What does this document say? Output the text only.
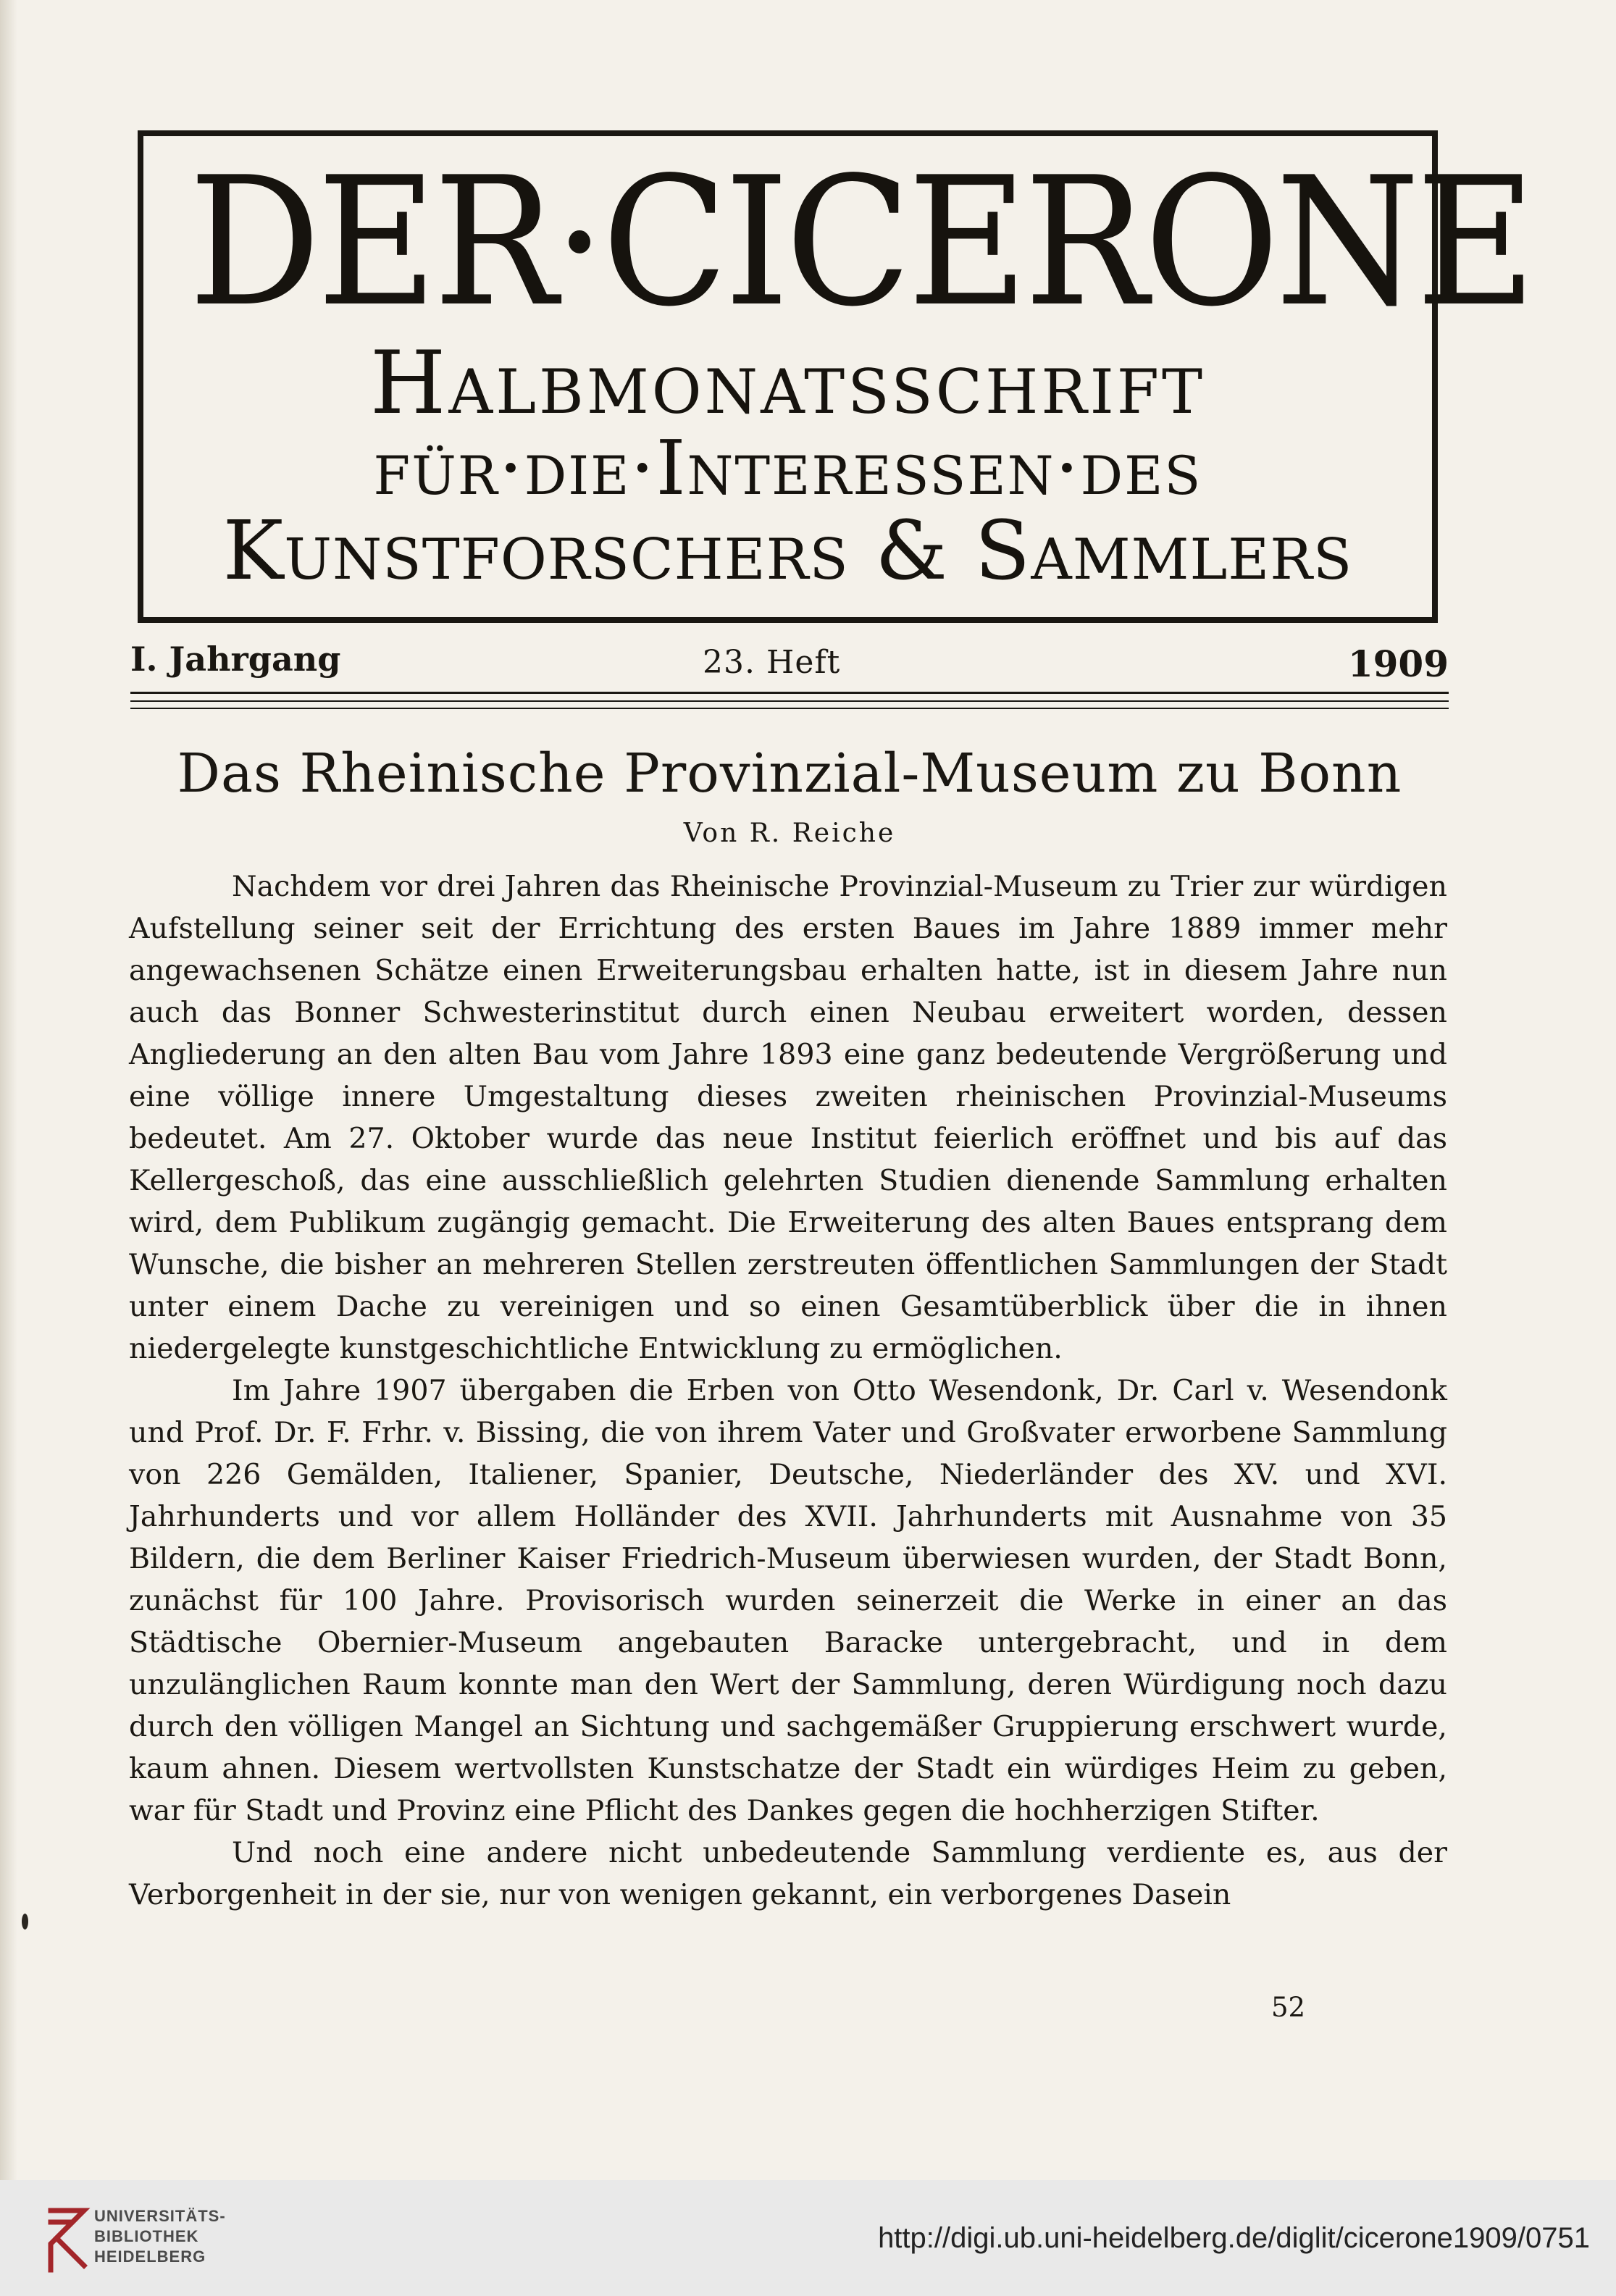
DER·CICERONE
Halbmonatsschrift
für·die·Interessen·des
Kunstforschers & Sammlers
I. Jahrgang	23. Heft	1909
Das Rheinische Provinzial-Museum zu Bonn
Von R. Reiche

Nachdem vor drei Jahren das Rheinische Provinzial-Museum zu Trier zur würdigen Aufstellung seiner seit der Errichtung des ersten Baues im Jahre 1889 immer mehr angewachsenen Schätze einen Erweiterungsbau erhalten hatte, ist in diesem Jahre nun auch das Bonner Schwesterinstitut durch einen Neubau erweitert worden, dessen Angliederung an den alten Bau vom Jahre 1893 eine ganz bedeutende Vergrößerung und eine völlige innere Umgestaltung dieses zweiten rheinischen Provinzial-Museums bedeutet. Am 27. Oktober wurde das neue Institut feierlich eröffnet und bis auf das Kellergeschoß, das eine ausschließlich gelehrten Studien dienende Sammlung erhalten wird, dem Publikum zugängig gemacht. Die Erweiterung des alten Baues entsprang dem Wunsche, die bisher an mehreren Stellen zerstreuten öffentlichen Sammlungen der Stadt unter einem Dache zu vereinigen und so einen Gesamtüberblick über die in ihnen niedergelegte kunstgeschichtliche Entwicklung zu ermöglichen.

Im Jahre 1907 übergaben die Erben von Otto Wesendonk, Dr. Carl v. Wesendonk und Prof. Dr. F. Frhr. v. Bissing, die von ihrem Vater und Großvater erworbene Sammlung von 226 Gemälden, Italiener, Spanier, Deutsche, Niederländer des XV. und XVI. Jahrhunderts und vor allem Holländer des XVII. Jahrhunderts mit Ausnahme von 35 Bildern, die dem Berliner Kaiser Friedrich-Museum überwiesen wurden, der Stadt Bonn, zunächst für 100 Jahre. Provisorisch wurden seinerzeit die Werke in einer an das Städtische Obernier-Museum angebauten Baracke untergebracht, und in dem unzulänglichen Raum konnte man den Wert der Sammlung, deren Würdigung noch dazu durch den völligen Mangel an Sichtung und sachgemäßer Gruppierung erschwert wurde, kaum ahnen. Diesem wertvollsten Kunstschatze der Stadt ein würdiges Heim zu geben, war für Stadt und Provinz eine Pflicht des Dankes gegen die hochherzigen Stifter.

Und noch eine andere nicht unbedeutende Sammlung verdiente es, aus der Verborgenheit in der sie, nur von wenigen gekannt, ein verborgenes Dasein

52
UNIVERSITÄTS-
BIBLIOTHEK
HEIDELBERG
http://digi.ub.uni-heidelberg.de/diglit/cicerone1909/0751
